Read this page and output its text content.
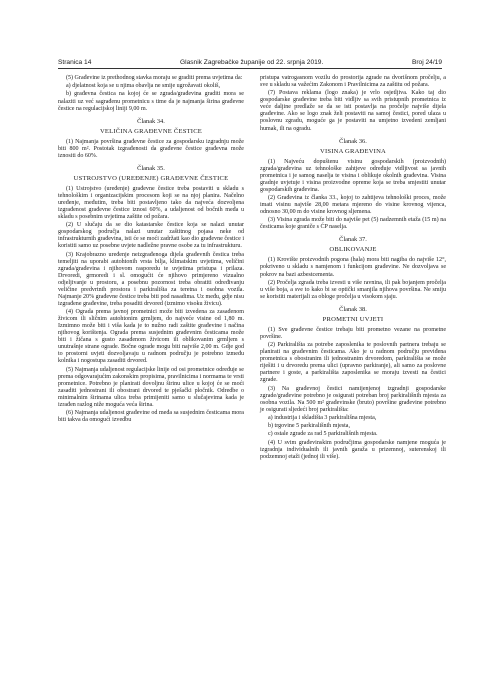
Stranica 14	Glasnik Zagrebačke županije od 22. srpnja 2019.	Broj 24/19

(5) Građevine iz prethodnog stavka moraju se graditi prema uvjetima da:

a) djelatnost koja se u njima obavlja ne smije ugrožavati okoliš,

b) građevna čestica na kojoj će se zgrada/građevina graditi mora se nalaziti uz već sagrađenu prometnicu s time da je najmanja širina građevne čestice na regulacijskoj liniji 9,00 m.

Članak 34.
VELIČINA GRAĐEVNE ČESTICE

(1) Najmanja površina građevne čestice za gospodarsku izgradnju može biti 800 m². Postotak izgrađenosti da građevne čestice građevna može iznositi do 60%.

Članak 35.
USTROJSTVO (UREĐENJE) GRAĐEVNE ČESTICE

(1) Ustrojstvo (uređenje) građevne čestice treba postaviti u skladu s tehnološkim i organizacijskim procesom koji se na njoj planira. Načelno uređenje, međutim, treba biti postavljeno tako da najveća dozvoljena izgrađenost građevne čestice iznosi 60%, a udaljenost od bočnih međa u skladu s posebnim uvjetima zaštite od požara.

(2) U slučaju da se dio katastarske čestice koja se nalazi unutar gospodarskog područja nalazi unutar zaštitnog pojasa neke od infrastrukturnih građevina, isti će se moći zadržati kao dio građevne čestice i koristiti samo uz posebne uvjete nadležne pravne osobe za tu infrastrukturu.

(3) Krajobrazno uređenje neizgrađenoga dijela građevnih čestica treba temeljiti na uporabi autohtonih vrsta bilja, klimatskim uvjetima, veličini zgrada/građevina i njihovom rasporedu te uvjetima pristupa i prilaza. Drvoredi, grmoredi i sl. omogućit će njihovo primjereno vizualno odjeljivanje u prostoru, a posebnu pozornost treba obratiti određivanju veličine predvrtnih prostora i parkirališta za teretna i osobna vozila. Najmanje 20% građevne čestice treba biti pod nasadima. Uz među, gdje nisu izgrađene građevine, treba posaditi drvored (izmimo visoku živicu).

(4) Ograda prema javnoj prometnici može biti izvedena za zasađenom živicom ili sličnim autohtonim grmljem, do najveće visine od 1,80 m. Izmimno može biti i viša kada je to nužno radi zaštite građevine i načina njihovog korištenja. Ograda prema susjednim građevnim česticama može biti i žičana s gusto zasađenom živicom ili oblikovanim grmljem s unutrašnje strane ograde. Bočne ograde mogu biti najviše 2,00 m. Gdje god to prostorni uvjeti dozvoljavaju u radnom području je potrebno između kolnika i nogostupa zasaditi drvored.

(5) Najmanja udaljenost regulacijske linije od osi prometnice određuje se prema odgovarajućim zakonskim propisima, pravilnicima i normama te vrsti prometnice. Potrebno je planirati dovoljnu širinu ulice u kojoj će se moći zasaditi jednostrani ili obostrani drvored te pješački pločnik. Odredbe o minimalnim širinama ulica treba primijeniti samo u slučajevima kada je izrađen razlog niže moguća veća širina.

(6) Najmanja udaljenost građevine od međa sa susjednim česticama mora biti takva da omogući izvedbu

pristupa vatrogasnom vozilu do prostorija zgrade na dvorišnom pročelju, a sve u skladu sa važećim Zakonom i Pravilnicima za zaštitu od požara.

(7) Postava reklama (logo znaka) je vrlo osjetljiva. Kako taj dio gospodarske građevine treba biti vidljiv sa svih pristupnih prometnica iz veće daljine predlaže se da se isti postavlja na pročelje najviše dijela građevine. Ako se logo znak želi postaviti na samoj čestici, pored ulaza u poslovnu zgradu, moguće ga je postaviti na umjetno izvedeni zemljani humak, ili na ogradu.

Članak 36.
VISINA GRAĐEVINA

(1) Najveću dopuštenu visinu gospodarskih (proizvodnih) zgrada/građevina uz tehnološke zahtjeve određuje vidljivost sa javnih prometnica i je samog naselja te visina i oblikuje okolnih građevina. Visina gradnje uvjetuje i visina proizvodne opreme koja se treba smjestiti unutar gospodarskih građevina.

(2) Građevina iz članka 33., kojoj to zahtijeva tehnološki proces, može imati visinu najviše 28,00 metara mjereno do visine krovnog vijenca, odnosno 30,00 m do visine krovnog sljemena.

(3) Visina zgrada može biti do najviše pet (5) nadzemnih etaža (15 m) na česticama koje graniče s ĆP naselja.

Članak 37.
OBLIKOVANJE

(1) Krovište proizvodnih pogona (hala) mora biti nagiba do najviše 12°, pokriveno u skladu s namjenom i funkcijom građevine. Ne dozvoljava se pokrov na bazi azbestcementa.

(2) Pročelja zgrada treba izvesti u više ravnina, ili pak bojanjem pročelja u više boja, a sve to kako bi se optički smanjila njihova površina. Ne smiju se koristiti materijali za obloge pročelja u visokom sjaju.

Članak 38.
PROMETNI UVJETI

(1) Sve građevne čestice trebaju biti prometno vezane na prometne površine.

(2) Parkirališta za potrebe zaposlenika te poslovnih partnera trebaju se planirati na građevnim česticama. Ako je u radnom području previđena prometnica s obostranim ili jednostranim drvoredom, parkirališta se može riješiti i u drvoredu prema ulici (upravno parkiranje), ali samo za poslovne partnere i goste, a parkirališta zaposlenika se moraju izvesti na čestici zgrade.

(3) Na građevnoj čestici namijenjenoj izgradnji gospodarske zgrade/građevine potrebno je osigurati potreban broj parkirališnih mjesta za osobna vozila. Na 500 m² građevinske (bruto) površine građevine potrebno je osigurati sljedeći broj parkirališta:

a) industrija i skladišta 3 parkirališna mjesta,

b) trgovine 5 parkirališnih mjesta,

c) ostale zgrade za rad 5 parkirališnih mjesta.

(4) U svim građevinskim područjima gospodarske namjene moguća je izgradnja individualnih ili javnih garaža u prizemnoj, suterenskoj ili podzemnoj etaži (jednoj ili više).
